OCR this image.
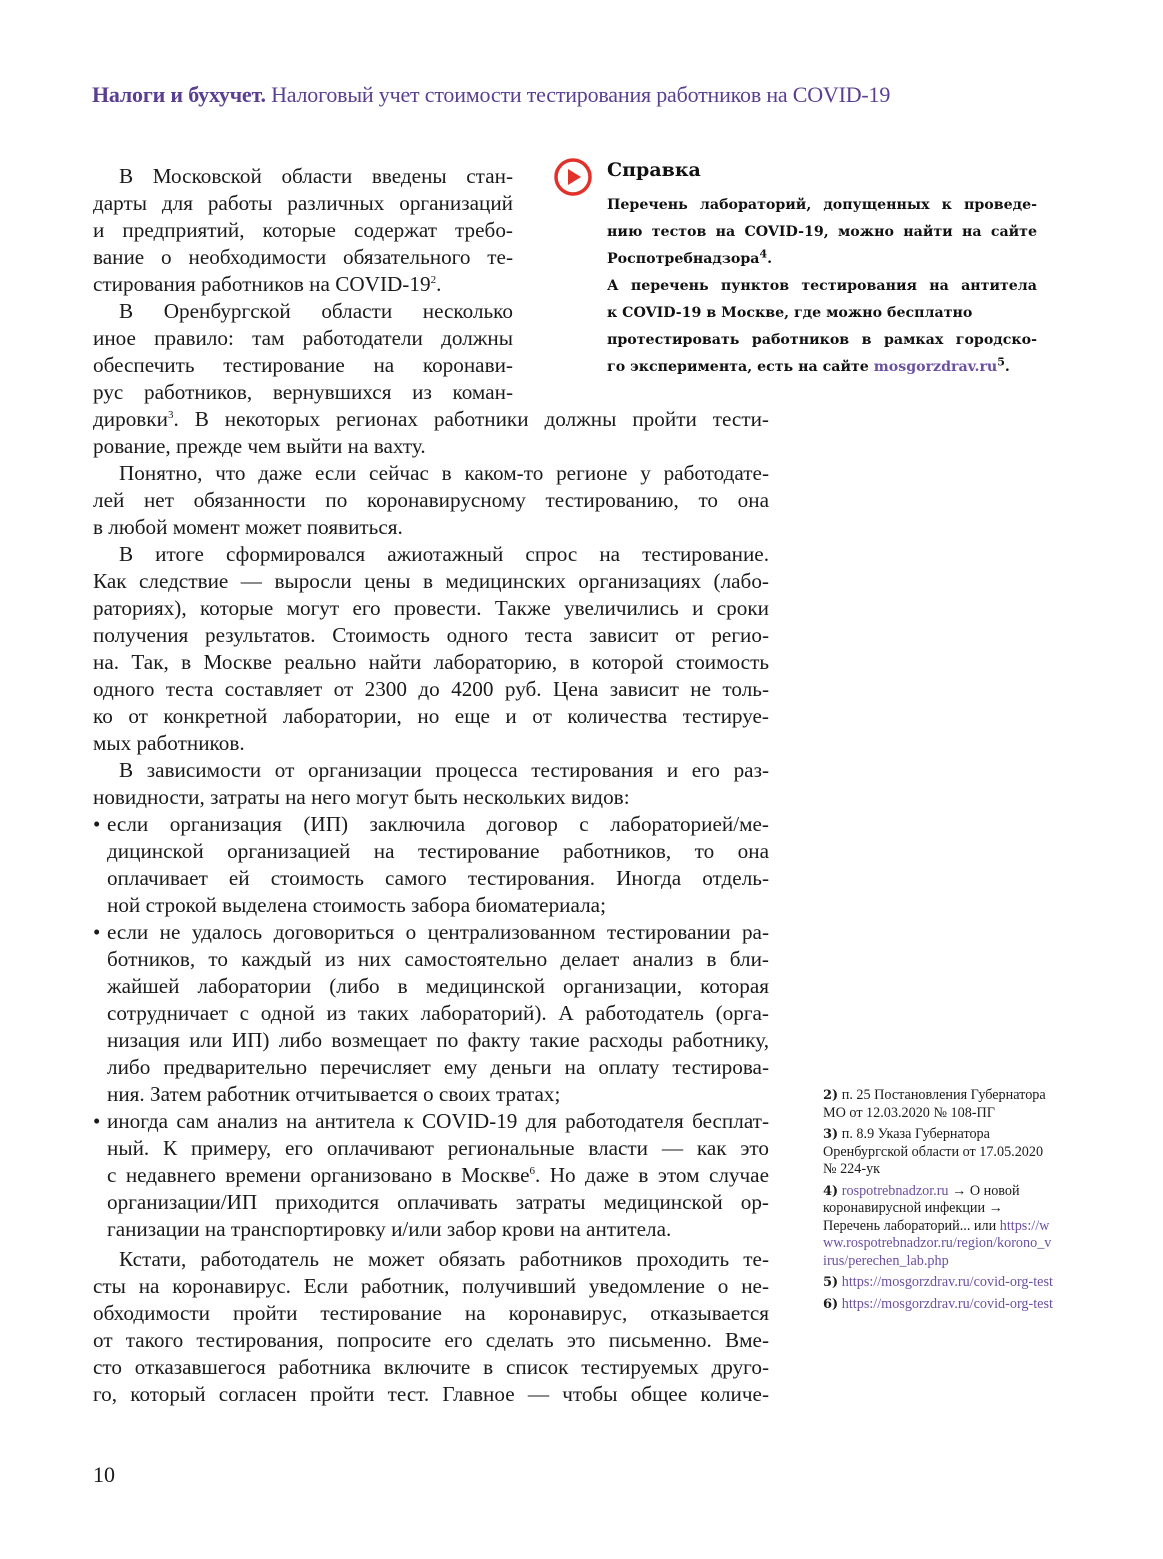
Налоги и бухучет. Налоговый учет стоимости тестирования работников на COVID-19
Справка
Перечень лабораторий, допущенных к проведе-
нию тестов на COVID-19, можно найти на сайте
Роспотребнадзора$^4$.
А перечень пунктов тестирования на антитела
к COVID-19 в Москве, где можно бесплатно
протестировать работников в рамках городско-
го эксперимента, есть на сайте mosgorzdrav.ru$^5$.
В Московской области введены стан-
дарты для работы различных организаций
и предприятий, которые содержат требо-
вание о необходимости обязательного те-
стирования работников на COVID-19$^2$.
В Оренбургской области несколько
иное правило: там работодатели должны
обеспечить тестирование на коронави-
рус работников, вернувшихся из коман-
дировки$^3$. В некоторых регионах работники должны пройти тести-
рование, прежде чем выйти на вахту.
Понятно, что даже если сейчас в каком-то регионе у работодате-
лей нет обязанности по коронавирусному тестированию, то она
в любой момент может появиться.
В итоге сформировался ажиотажный спрос на тестирование.
Как следствие — выросли цены в медицинских организациях (лабо-
раториях), которые могут его провести. Также увеличились и сроки
получения результатов. Стоимость одного теста зависит от регио-
на. Так, в Москве реально найти лабораторию, в которой стоимость
одного теста составляет от 2300 до 4200 руб. Цена зависит не толь-
ко от конкретной лаборатории, но еще и от количества тестируе-
мых работников.
В зависимости от организации процесса тестирования и его раз-
новидности, затраты на него могут быть нескольких видов:
• если организация (ИП) заключила договор с лабораторией/ме-
дицинской организацией на тестирование работников, то она
оплачивает ей стоимость самого тестирования. Иногда отдель-
ной строкой выделена стоимость забора биоматериала;
• если не удалось договориться о централизованном тестировании ра-
ботников, то каждый из них самостоятельно делает анализ в бли-
жайшей лаборатории (либо в медицинской организации, которая
сотрудничает с одной из таких лабораторий). А работодатель (орга-
низация или ИП) либо возмещает по факту такие расходы работнику,
либо предварительно перечисляет ему деньги на оплату тестирова-
ния. Затем работник отчитывается о своих тратах;
• иногда сам анализ на антитела к COVID-19 для работодателя бесплат-
ный. К примеру, его оплачивают региональные власти — как это
с недавнего времени организовано в Москве$^6$. Но даже в этом случае
организации/ИП приходится оплачивать затраты медицинской ор-
ганизации на транспортировку и/или забор крови на антитела.
Кстати, работодатель не может обязать работников проходить те-
сты на коронавирус. Если работник, получивший уведомление о не-
обходимости пройти тестирование на коронавирус, отказывается
от такого тестирования, попросите его сделать это письменно. Вме-
сто отказавшегося работника включите в список тестируемых друго-
го, который согласен пройти тест. Главное — чтобы общее количе-
2) п. 25 Постановления Губернатора МО от 12.03.2020 № 108-ПГ
3) п. 8.9 Указа Губернатора Оренбургской области от 17.05.2020 № 224-ук
4) rospotrebnadzor.ru → О новой коронавирусной инфекции → Перечень лабораторий... или https://www.rospotrebnadzor.ru/region/korono_virus/perechen_lab.php
5) https://mosgorzdrav.ru/covid-org-test
6) https://mosgorzdrav.ru/covid-org-test
10
